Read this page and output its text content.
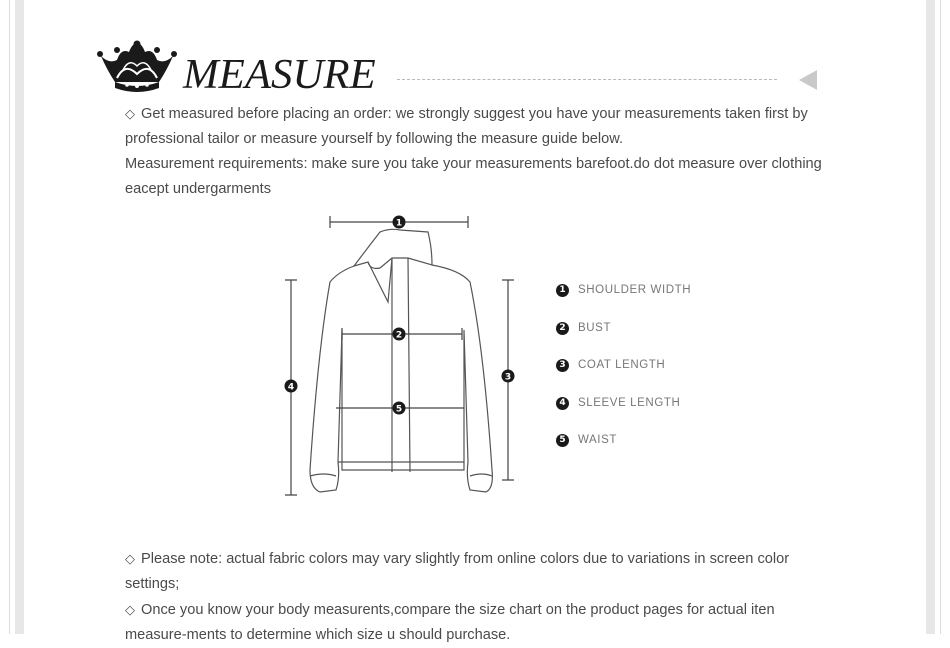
MEASURE
◇ Get measured before placing an order: we strongly suggest you have your measurements taken first by professional tailor or measure yourself by following the measure guide below.
Measurement requirements: make sure you take your measurements barefoot.do dot measure over clothing eacept undergarments
1
2
3
4
5
1 SHOULDER WIDTH
2 BUST
3 COAT LENGTH
4 SLEEVE LENGTH
5 WAIST
◇ Please note: actual fabric colors may vary slightly from online colors due to variations in screen color settings;
◇ Once you know your body measurents,compare the size chart on the product pages for actual iten measure-ments to determine which size u should purchase.
